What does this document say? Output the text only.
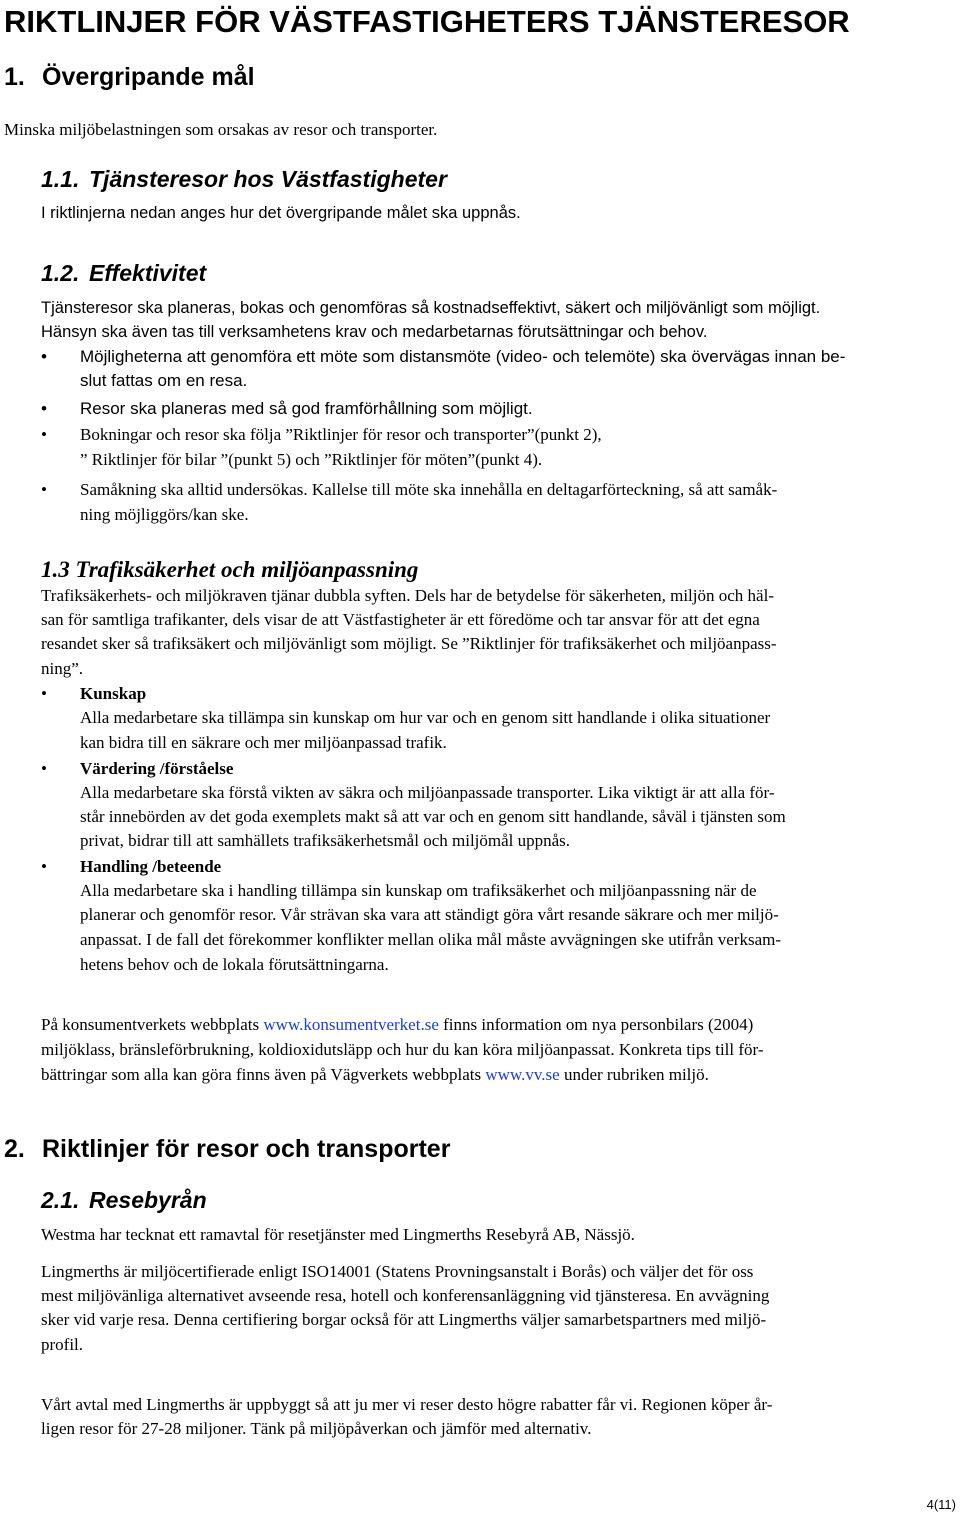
RIKTLINJER FÖR VÄSTFASTIGHETERS TJÄNSTERESOR
1. Övergripande mål
Minska miljöbelastningen som orsakas av resor och transporter.
1.1. Tjänsteresor hos Västfastigheter
I riktlinjerna nedan anges hur det övergripande målet ska uppnås.
1.2. Effektivitet
Tjänsteresor ska planeras, bokas och genomföras så kostnadseffektivt, säkert och miljövänligt som möjligt.
Hänsyn ska även tas till verksamhetens krav och medarbetarnas förutsättningar och behov.
• Möjligheterna att genomföra ett möte som distansmöte (video- och telemöte) ska övervägas innan be-
slut fattas om en resa.
• Resor ska planeras med så god framförhållning som möjligt.
• Bokningar och resor ska följa ”Riktlinjer för resor och transporter”(punkt 2),
” Riktlinjer för bilar ”(punkt 5) och ”Riktlinjer för möten”(punkt 4).
• Samåkning ska alltid undersökas. Kallelse till möte ska innehålla en deltagarförteckning, så att samåk-
ning möjliggörs/kan ske.
1.3 Trafiksäkerhet och miljöanpassning
Trafiksäkerhets- och miljökraven tjänar dubbla syften. Dels har de betydelse för säkerheten, miljön och häl-
san för samtliga trafikanter, dels visar de att Västfastigheter är ett föredöme och tar ansvar för att det egna
resandet sker så trafiksäkert och miljövänligt som möjligt. Se ”Riktlinjer för trafiksäkerhet och miljöanpass-
ning”.
• Kunskap
Alla medarbetare ska tillämpa sin kunskap om hur var och en genom sitt handlande i olika situationer
kan bidra till en säkrare och mer miljöanpassad trafik.
• Värdering /förståelse
Alla medarbetare ska förstå vikten av säkra och miljöanpassade transporter. Lika viktigt är att alla för-
står innebörden av det goda exemplets makt så att var och en genom sitt handlande, såväl i tjänsten som
privat, bidrar till att samhällets trafiksäkerhetsmål och miljömål uppnås.
• Handling /beteende
Alla medarbetare ska i handling tillämpa sin kunskap om trafiksäkerhet och miljöanpassning när de
planerar och genomför resor. Vår strävan ska vara att ständigt göra vårt resande säkrare och mer miljö-
anpassat. I de fall det förekommer konflikter mellan olika mål måste avvägningen ske utifrån verksam-
hetens behov och de lokala förutsättningarna.
På konsumentverkets webbplats www.konsumentverket.se finns information om nya personbilars (2004)
miljöklass, bränsleförbrukning, koldioxidutsläpp och hur du kan köra miljöanpassat. Konkreta tips till för-
bättringar som alla kan göra finns även på Vägverkets webbplats www.vv.se under rubriken miljö.
2. Riktlinjer för resor och transporter
2.1. Resebyrån
Westma har tecknat ett ramavtal för resetjänster med Lingmerths Resebyrå AB, Nässjö.
Lingmerths är miljöcertifierade enligt ISO14001 (Statens Provningsanstalt i Borås) och väljer det för oss
mest miljövänliga alternativet avseende resa, hotell och konferensanläggning vid tjänsteresa. En avvägning
sker vid varje resa. Denna certifiering borgar också för att Lingmerths väljer samarbetspartners med miljö-
profil.
Vårt avtal med Lingmerths är uppbyggt så att ju mer vi reser desto högre rabatter får vi. Regionen köper år-
ligen resor för 27-28 miljoner. Tänk på miljöpåverkan och jämför med alternativ.
4(11)
